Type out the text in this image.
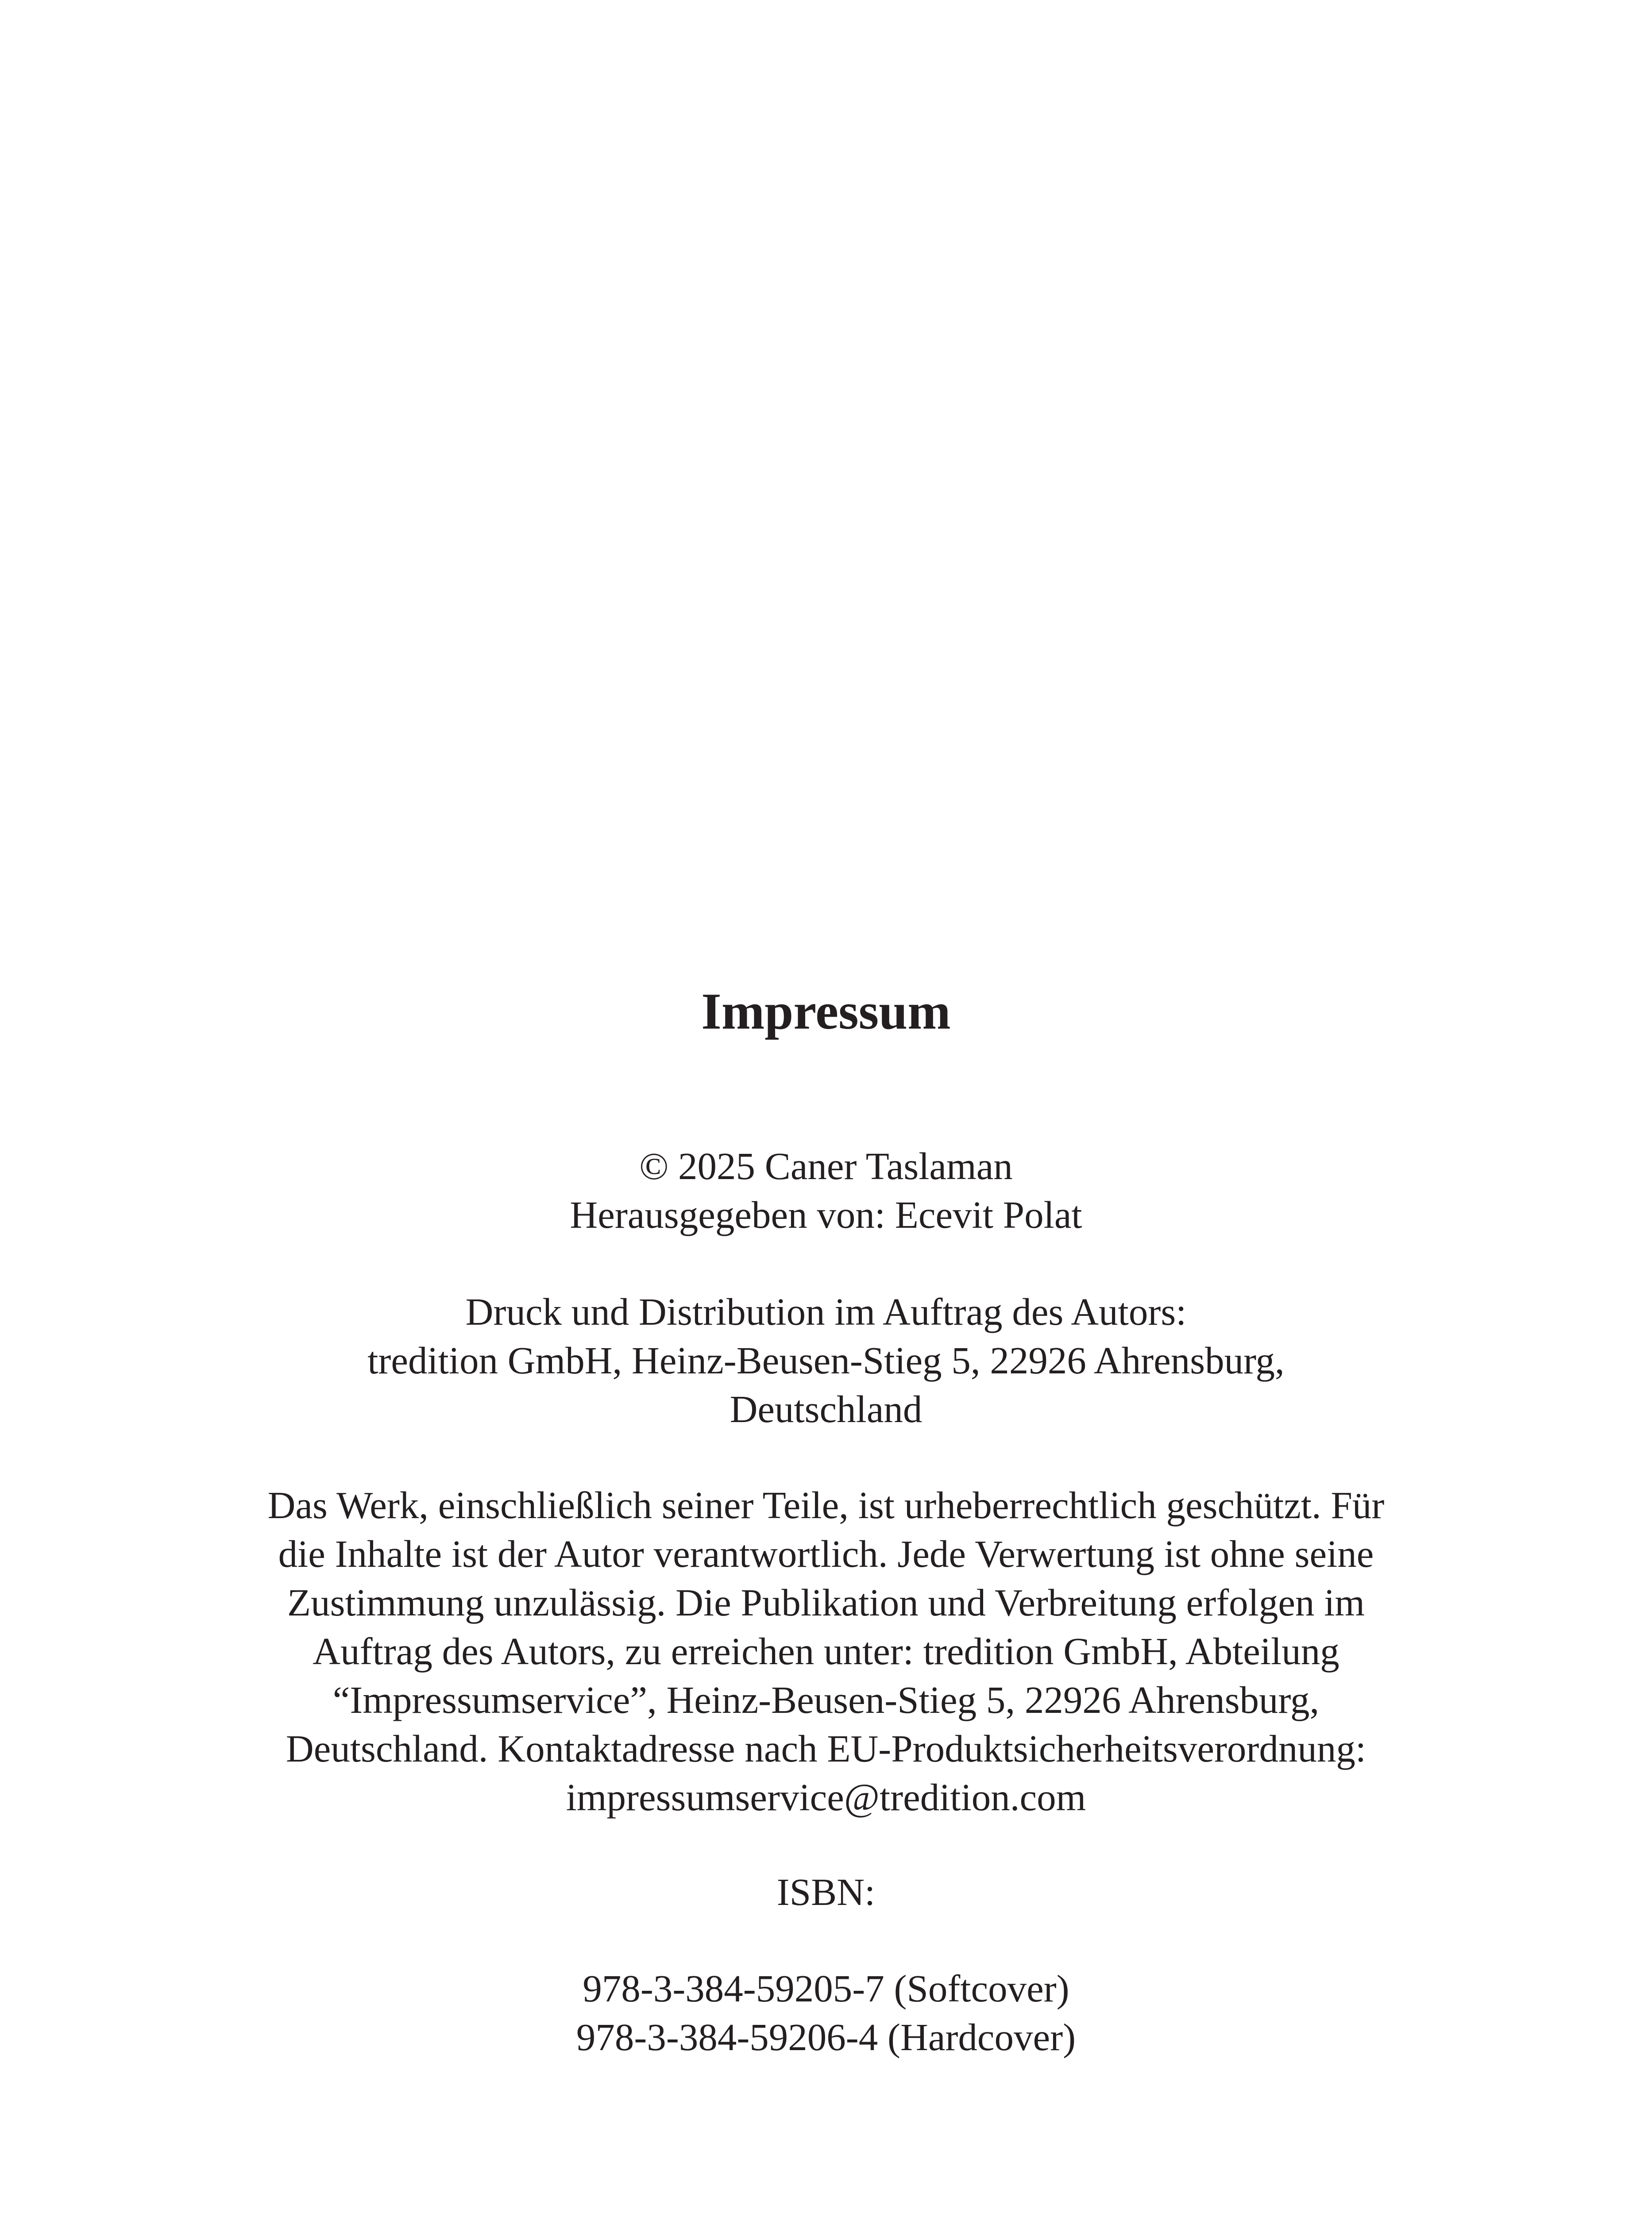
Impressum

© 2025 Caner Taslaman

Herausgegeben von: Ecevit Polat

Druck und Distribution im Auftrag des Autors:

tredition GmbH, Heinz-Beusen-Stieg 5, 22926 Ahrensburg,

Deutschland

Das Werk, einschließlich seiner Teile, ist urheberrechtlich geschützt. Für

die Inhalte ist der Autor verantwortlich. Jede Verwertung ist ohne seine

Zustimmung unzulässig. Die Publikation und Verbreitung erfolgen im

Auftrag des Autors, zu erreichen unter: tredition GmbH, Abteilung

“Impressumservice”, Heinz-Beusen-Stieg 5, 22926 Ahrensburg,

Deutschland. Kontaktadresse nach EU-Produktsicherheitsverordnung:

impressumservice@tredition.com

ISBN:

978-3-384-59205-7 (Softcover)

978-3-384-59206-4 (Hardcover)
